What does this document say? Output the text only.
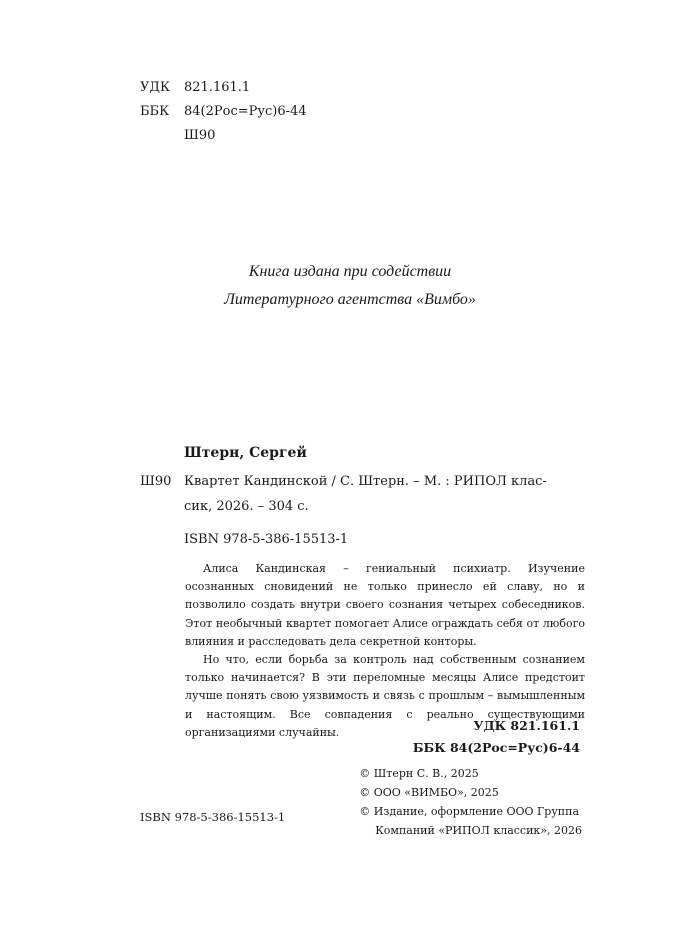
УДК 821.161.1
ББК 84(2Рос=Рус)6-44
Ш90
Книга издана при содействии
Литературного агентства «Вимбо»
Штерн, Сергей
Ш90 Квартет Кандинской / С. Штерн. – М. : РИПОЛ клас-
сик, 2026. – 304 с.
ISBN 978-5-386-15513-1

Алиса Кандинская – гениальный психиатр. Изучение осознанных сновидений не только принесло ей славу, но и позволило создать внутри своего сознания четырех собеседников. Этот необычный квартет помогает Алисе ограждать себя от любого влияния и расследовать дела секретной конторы.

Но что, если борьба за контроль над собственным сознанием только начинается? В эти переломные месяцы Алисе предстоит лучше понять свою уязвимость и связь с прошлым – вымышленным и настоящим. Все совпадения с реально существующими организациями случайны.	УДК 821.161.1
ББК 84(2Рос=Рус)6-44
© Штерн С. В., 2025
© ООО «ВИМБО», 2025
© Издание, оформление ООО Группа
Компаний «РИПОЛ классик», 2026
ISBN 978-5-386-15513-1
